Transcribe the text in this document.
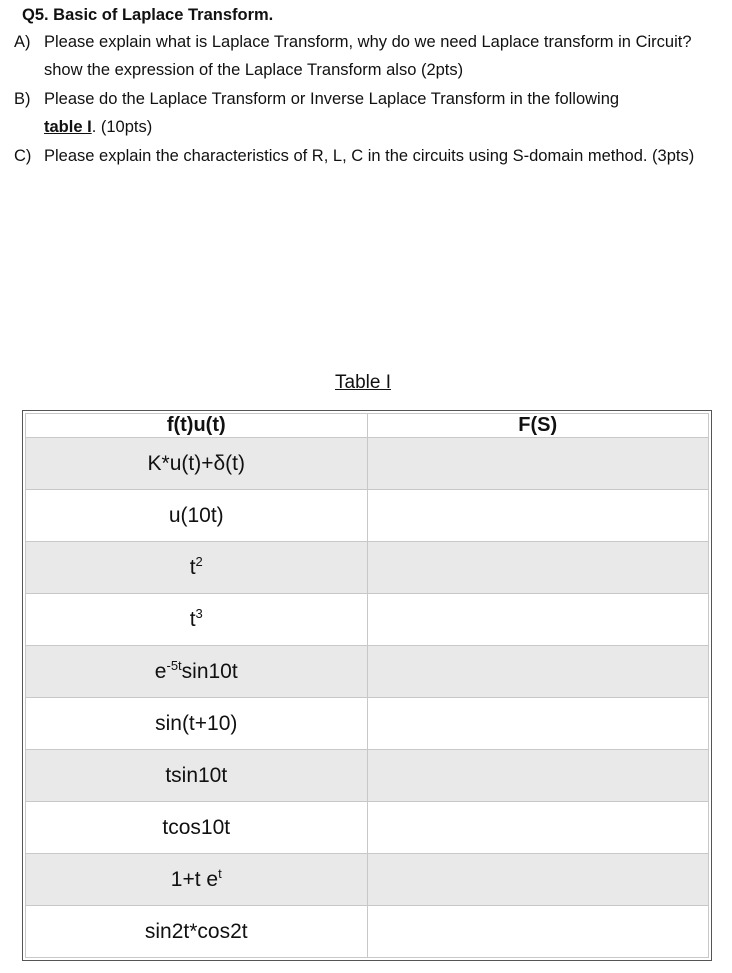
Q5. Basic of Laplace Transform.
A) Please explain what is Laplace Transform, why do we need Laplace transform in Circuit? show the expression of the Laplace Transform also (2pts)
B) Please do the Laplace Transform or Inverse Laplace Transform in the following
table I. (10pts)
C) Please explain the characteristics of R, L, C in the circuits using S-domain method. (3pts)
Table I
f(t)u(t)	F(S)
K*u(t)+δ(t)	
u(10t)	
$t^2$	
$t^3$	
$e^{-5t}\sin 10t$	
sin(t+10)	
tsin10t	
tcos10t	
1+t $e^t$	
sin2t*cos2t	
